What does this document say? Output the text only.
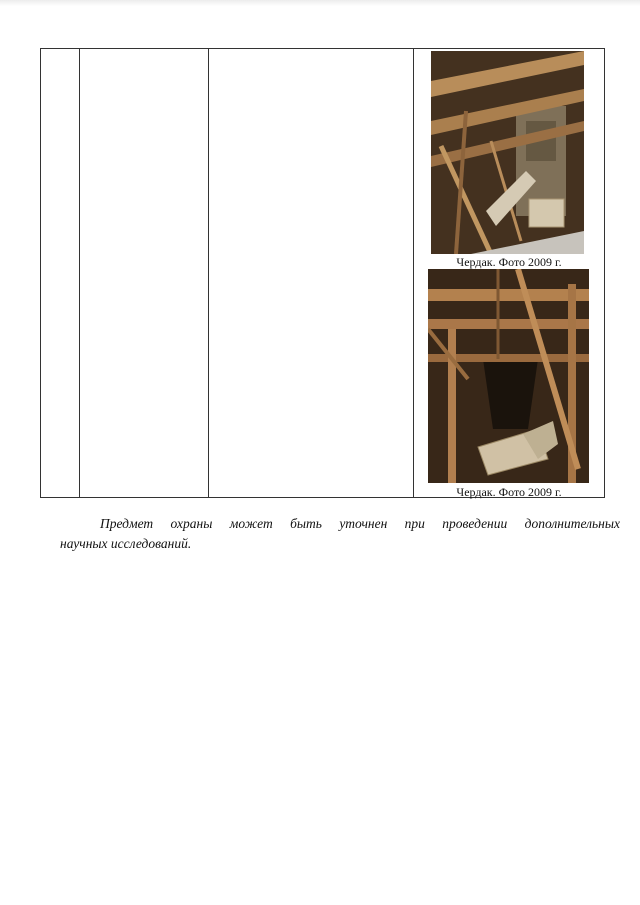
Чердак. Фото 2009 г.
Чердак. Фото 2009 г.
Предмет охраны может быть уточнен при проведении дополнительных
научных исследований.
